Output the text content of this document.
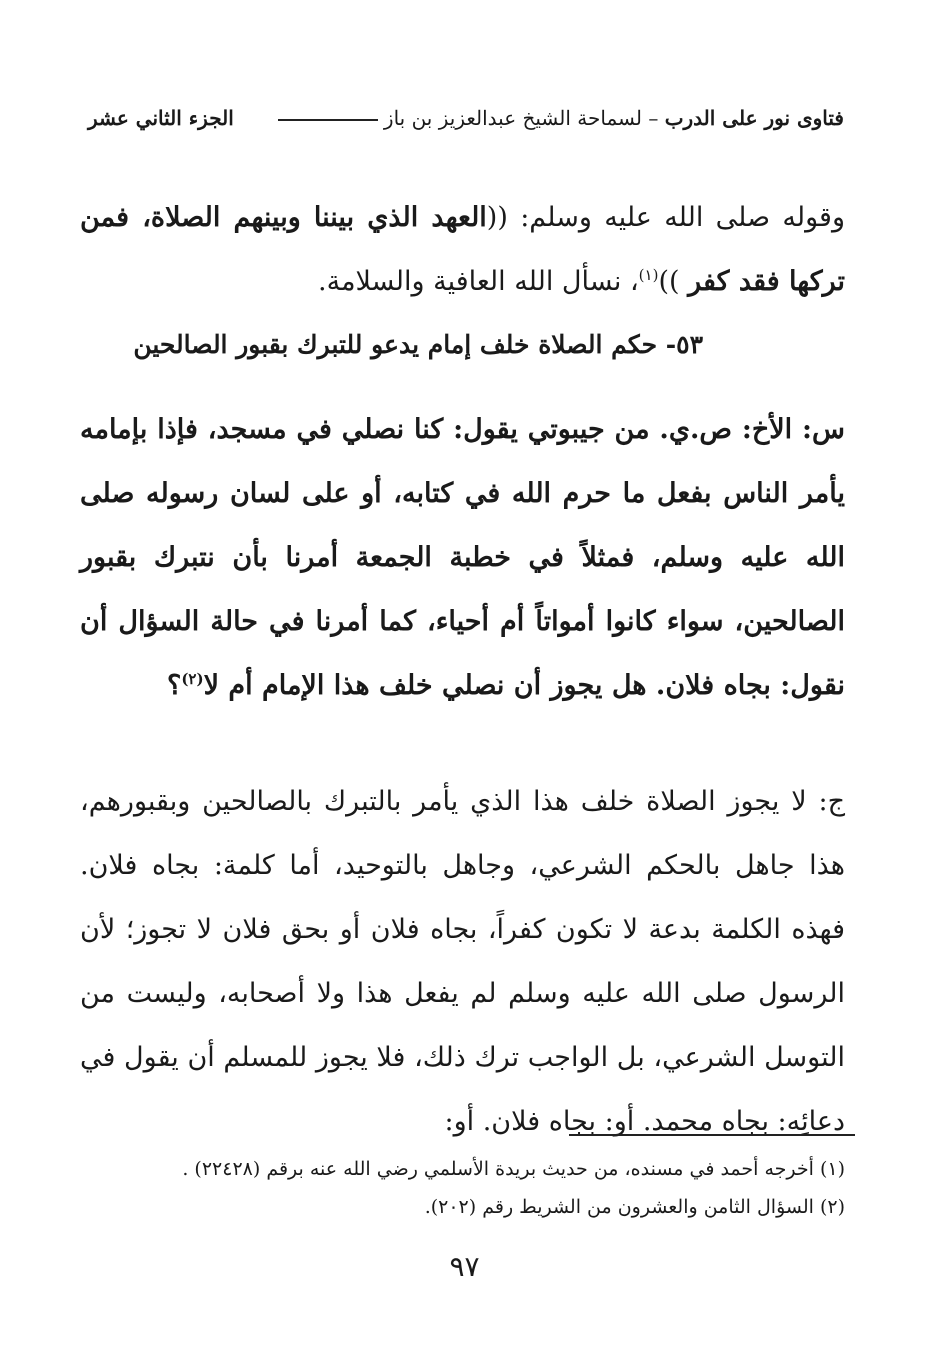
فتاوى نور على الدرب – لسماحة الشيخ عبدالعزيز بن باز
الجزء الثاني عشر
وقوله صلى الله عليه وسلم: ((العهد الذي بيننا وبينهم الصلاة، فمن تركها فقد كفر ))$^{(١)}$، نسأل الله العافية والسلامة.
٥٣- حكم الصلاة خلف إمام يدعو للتبرك بقبور الصالحين
س: الأخ: ص.ي. من جيبوتي يقول: كنا نصلي في مسجد، فإذا بإمامه يأمر الناس بفعل ما حرم الله في كتابه، أو على لسان رسوله صلى الله عليه وسلم، فمثلاً في خطبة الجمعة أمرنا بأن نتبرك بقبور الصالحين، سواء كانوا أمواتاً أم أحياء، كما أمرنا في حالة السؤال أن نقول: بجاه فلان. هل يجوز أن نصلي خلف هذا الإمام أم لا$^{(٢)}$؟
ج: لا يجوز الصلاة خلف هذا الذي يأمر بالتبرك بالصالحين وبقبورهم، هذا جاهل بالحكم الشرعي، وجاهل بالتوحيد، أما كلمة: بجاه فلان. فهذه الكلمة بدعة لا تكون كفراً، بجاه فلان أو بحق فلان لا تجوز؛ لأن الرسول صلى الله عليه وسلم لم يفعل هذا ولا أصحابه، وليست من التوسل الشرعي، بل الواجب ترك ذلك، فلا يجوز للمسلم أن يقول في دعائِه: بجاه محمد. أو: بجاه فلان. أو:
(١) أخرجه أحمد في مسنده، من حديث بريدة الأسلمي رضي الله عنه برقم (٢٢٤٢٨) .
(٢) السؤال الثامن والعشرون من الشريط رقم (٢٠٢).
٩٧
